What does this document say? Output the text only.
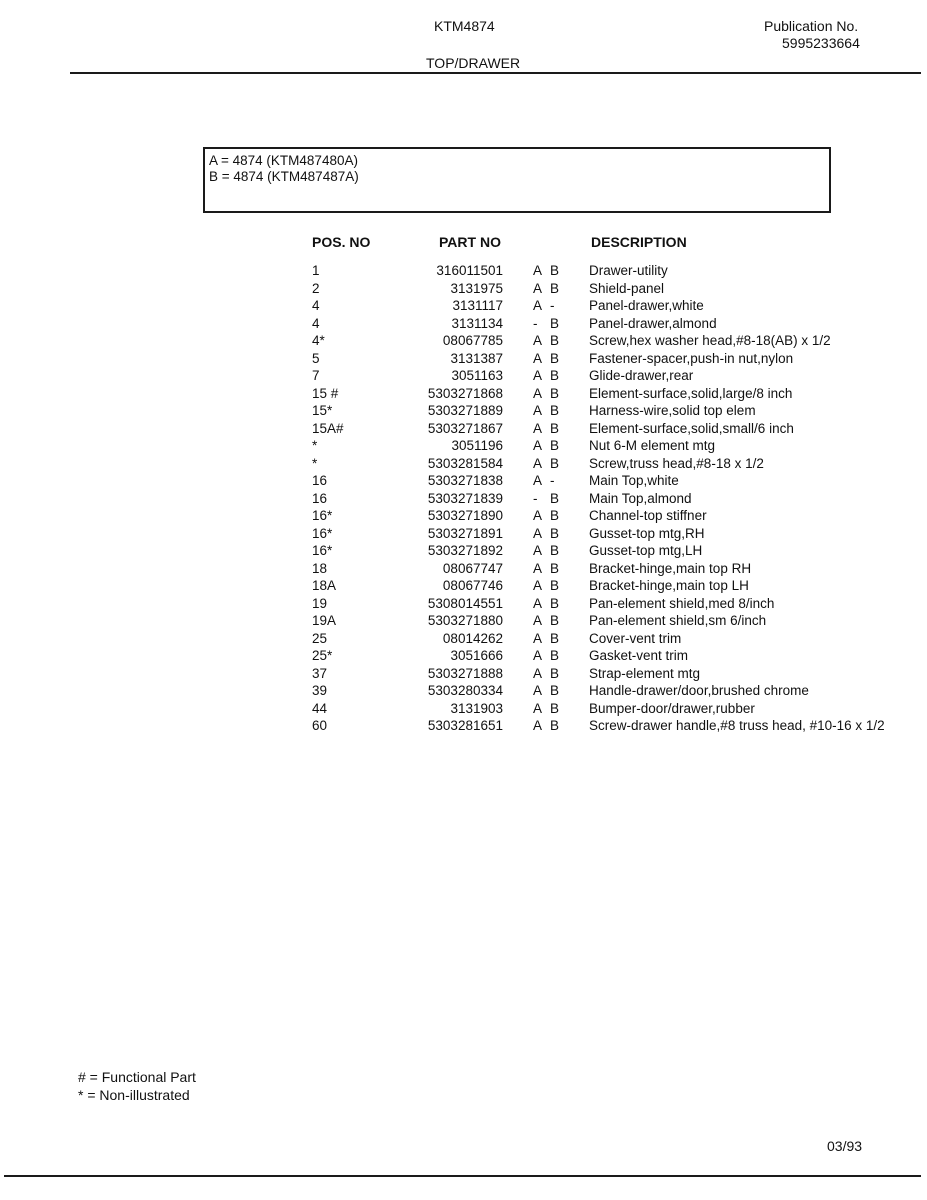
KTM4874	Publication No.
5995233664
TOP/DRAWER
A = 4874 (KTM487480A)
B = 4874 (KTM487487A)
POS. NO	PART NO	DESCRIPTION
1	316011501 A B Drawer-utility
2	3131975 A B Shield-panel
4	3131117 A -	Panel-drawer,white
4	3131134 - B Panel-drawer,almond
4*	08067785 A B Screw,hex washer head,#8-18(AB) x 1/2
5	3131387 A B Fastener-spacer,push-in nut,nylon
7	3051163 A B Glide-drawer,rear
15 #	5303271868 A B Element-surface,solid,large/8 inch
15*	5303271889 A B Harness-wire,solid top elem
15A#	5303271867 A B Element-surface,solid,small/6 inch
*	3051196 A B Nut 6-M element mtg
*	5303281584 A B Screw,truss head,#8-18 x 1/2
16	5303271838 A -	Main Top,white
16	5303271839 - B Main Top,almond
16*	5303271890 A B Channel-top stiffner
16*	5303271891 A B Gusset-top mtg,RH
16*	5303271892 A B Gusset-top mtg,LH
18	08067747 A B Bracket-hinge,main top RH
18A	08067746 A B Bracket-hinge,main top LH
19	5308014551 A B Pan-element shield,med 8/inch
19A	5303271880 A B Pan-element shield,sm 6/inch
25	08014262 A B Cover-vent trim
25*	3051666 A B Gasket-vent trim
37	5303271888 A B Strap-element mtg
39	5303280334 A B Handle-drawer/door,brushed chrome
44	3131903 A B Bumper-door/drawer,rubber
60	5303281651 A B Screw-drawer handle,#8 truss head, #10-16 x 1/2
# = Functional Part
* = Non-illustrated
03/93
